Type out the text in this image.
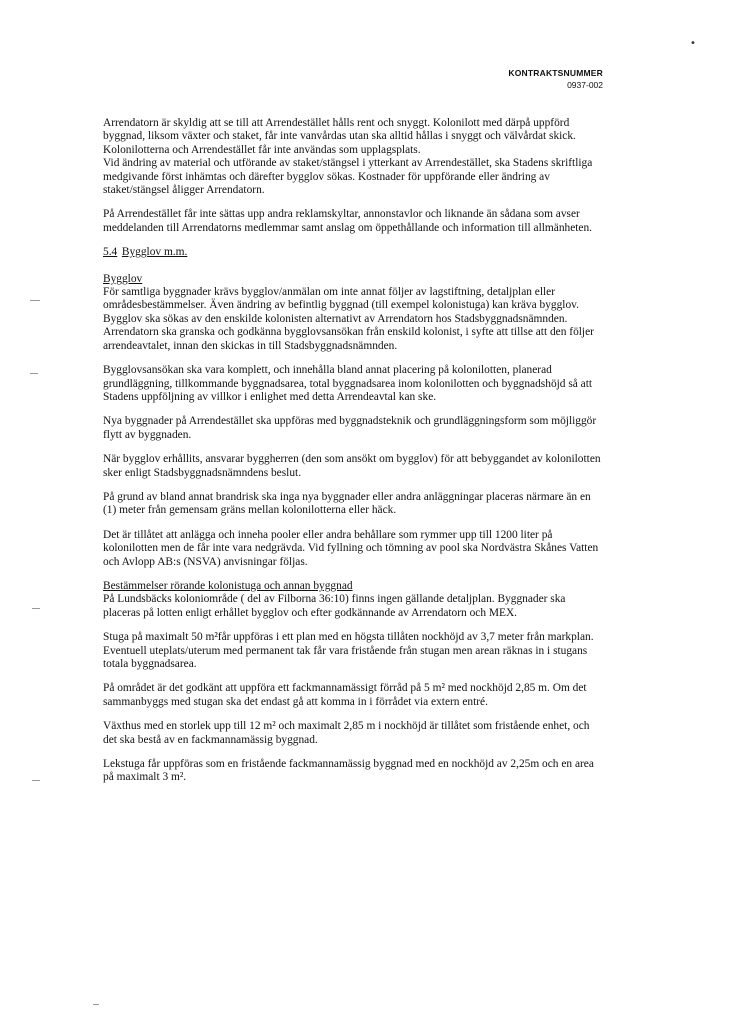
•
KONTRAKTSNUMMER
0937-002

Arrendatorn är skyldig att se till att Arrendestället hålls rent och snyggt. Kolonilott med därpå uppförd byggnad, liksom växter och staket, får inte vanvårdas utan ska alltid hållas i snyggt och välvårdat skick. Kolonilotterna och Arrendestället får inte användas som upplagsplats.

Vid ändring av material och utförande av staket/stängsel i ytterkant av Arrendestället, ska Stadens skriftliga medgivande först inhämtas och därefter bygglov sökas. Kostnader för uppförande eller ändring av staket/stängsel åligger Arrendatorn.

På Arrendestället får inte sättas upp andra reklamskyltar, annonstavlor och liknande än sådana som avser meddelanden till Arrendatorns medlemmar samt anslag om öppethållande och information till allmänheten.

5.4 Bygglov m.m.
Bygglov

För samtliga byggnader krävs bygglov/anmälan om inte annat följer av lagstiftning, detaljplan eller områdesbestämmelser. Även ändring av befintlig byggnad (till exempel kolonistuga) kan kräva bygglov. Bygglov ska sökas av den enskilde kolonisten alternativt av Arrendatorn hos Stadsbyggnadsnämnden. Arrendatorn ska granska och godkänna bygglovsansökan från enskild kolonist, i syfte att tillse att den följer arrendeavtalet, innan den skickas in till Stadsbyggnadsnämnden.

Bygglovsansökan ska vara komplett, och innehålla bland annat placering på kolonilotten, planerad grundläggning, tillkommande byggnadsarea, total byggnadsarea inom kolonilotten och byggnadshöjd så att Stadens uppföljning av villkor i enlighet med detta Arrendeavtal kan ske.

Nya byggnader på Arrendestället ska uppföras med byggnadsteknik och grundläggningsform som möjliggör flytt av byggnaden.

När bygglov erhållits, ansvarar byggherren (den som ansökt om bygglov) för att bebyggandet av kolonilotten sker enligt Stadsbyggnadsnämndens beslut.

På grund av bland annat brandrisk ska inga nya byggnader eller andra anläggningar placeras närmare än en (1) meter från gemensam gräns mellan kolonilotterna eller häck.

Det är tillåtet att anlägga och inneha pooler eller andra behållare som rymmer upp till 1200 liter på kolonilotten men de får inte vara nedgrävda. Vid fyllning och tömning av pool ska Nordvästra Skånes Vatten och Avlopp AB:s (NSVA) anvisningar följas.

Bestämmelser rörande kolonistuga och annan byggnad

På Lundsbäcks koloniområde ( del av Filborna 36:10) finns ingen gällande detaljplan. Byggnader ska placeras på lotten enligt erhållet bygglov och efter godkännande av Arrendatorn och MEX.

Stuga på maximalt 50 m²får uppföras i ett plan med en högsta tillåten nockhöjd av 3,7 meter från markplan. Eventuell uteplats/uterum med permanent tak får vara fristående från stugan men arean räknas in i stugans totala byggnadsarea.

På området är det godkänt att uppföra ett fackmannamässigt förråd på 5 m² med nockhöjd 2,85 m. Om det sammanbyggs med stugan ska det endast gå att komma in i förrådet via extern entré.

Växthus med en storlek upp till 12 m² och maximalt 2,85 m i nockhöjd är tillåtet som fristående enhet, och det ska bestå av en fackmannamässig byggnad.

Lekstuga får uppföras som en fristående fackmannamässig byggnad med en nockhöjd av 2,25m och en area på maximalt 3 m².
